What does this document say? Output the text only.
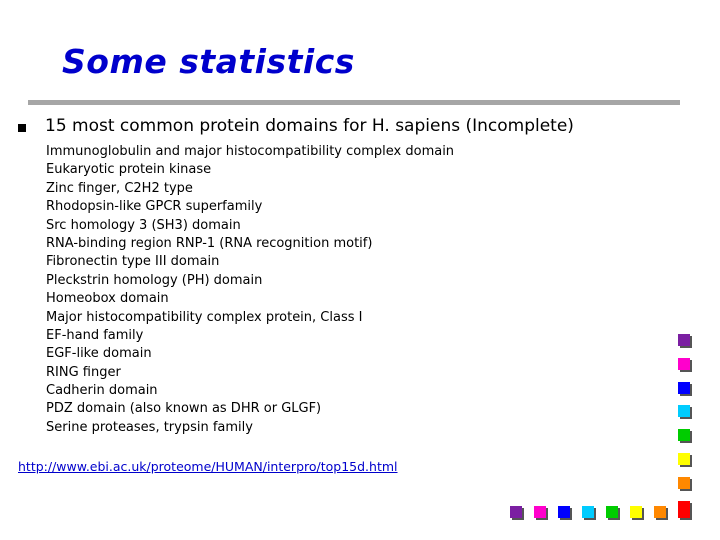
Some statistics
15 most common protein domains for H. sapiens (Incomplete)
Immunoglobulin and major histocompatibility complex domain
Eukaryotic protein kinase
Zinc finger, C2H2 type
Rhodopsin-like GPCR superfamily
Src homology 3 (SH3) domain
RNA-binding region RNP-1 (RNA recognition motif)
Fibronectin type III domain
Pleckstrin homology (PH) domain
Homeobox domain
Major histocompatibility complex protein, Class I
EF-hand family
EGF-like domain
RING finger
Cadherin domain
PDZ domain (also known as DHR or GLGF)
Serine proteases, trypsin family
http://www.ebi.ac.uk/proteome/HUMAN/interpro/top15d.html
